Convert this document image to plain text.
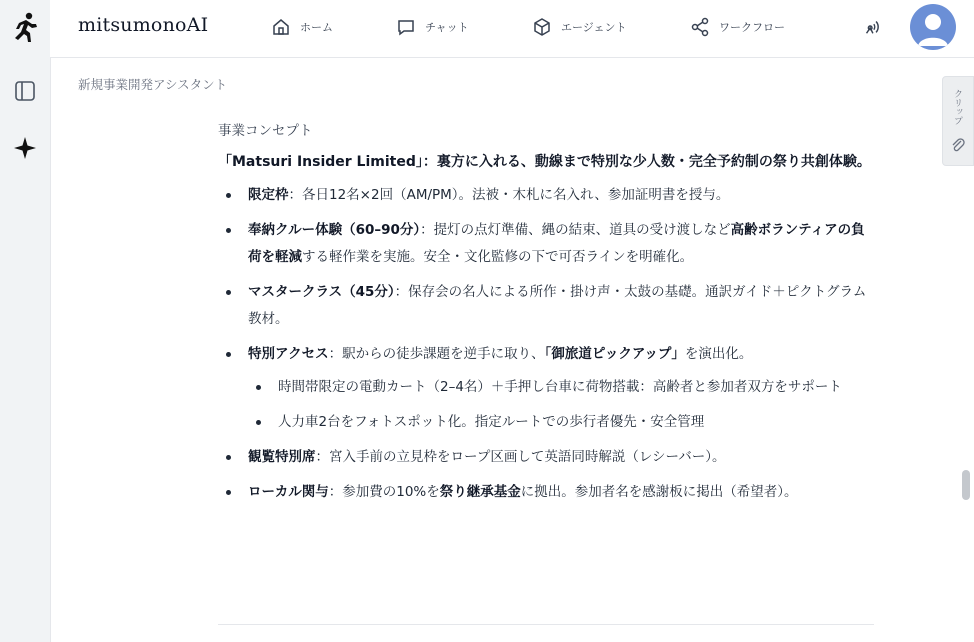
mitsumonoAI	ホーム	チャット	エージェント	ワークフロー
新規事業開発アシスタント
事業コンセプト
「Matsuri Insider Limited」：裏方に入れる、動線まで特別な少人数・完全予約制の祭り共創体験。
限定枠：各日12名×2回（AM/PM）。法被・木札に名入れ、参加証明書を授与。
奉納クルー体験（60–90分）：提灯の点灯準備、縄の結束、道具の受け渡しなど高齢ボランティアの負荷を軽減する軽作業を実施。安全・文化監修の下で可否ラインを明確化。
マスタークラス（45分）：保存会の名人による所作・掛け声・太鼓の基礎。通訳ガイド＋ピクトグラム教材。
特別アクセス：駅からの徒歩課題を逆手に取り、「御旅道ピックアップ」を演出化。
時間帯限定の電動カート（2–4名）＋手押し台車に荷物搭載：高齢者と参加者双方をサポート
人力車2台をフォトスポット化。指定ルートでの歩行者優先・安全管理
観覧特別席：宮入手前の立見枠をロープ区画して英語同時解説（レシーバー）。
ローカル関与：参加費の10%を祭り継承基金に拠出。参加者名を感謝板に掲出（希望者）。
クリップ
